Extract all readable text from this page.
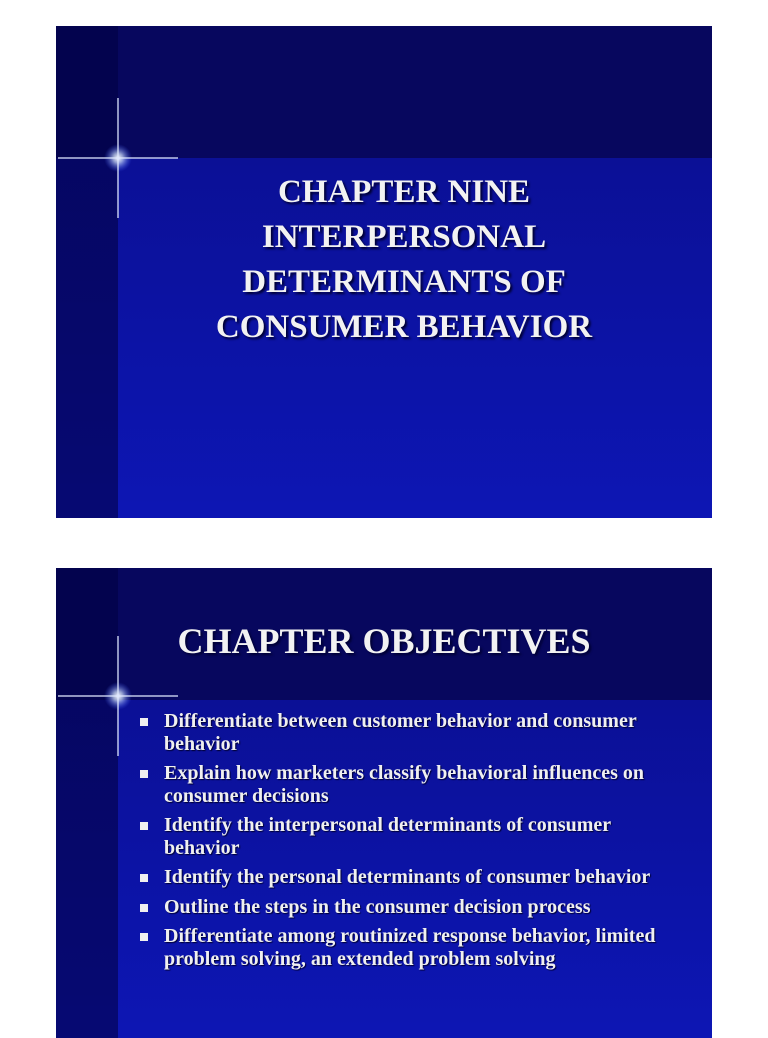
CHAPTER NINE
INTERPERSONAL
DETERMINANTS OF
CONSUMER BEHAVIOR
CHAPTER OBJECTIVES
Differentiate between customer behavior and consumer behavior
Explain how marketers classify behavioral influences on consumer decisions
Identify the interpersonal determinants of consumer behavior
Identify the personal determinants of consumer behavior
Outline the steps in the consumer decision process
Differentiate among routinized response behavior, limited problem solving, an extended problem solving
